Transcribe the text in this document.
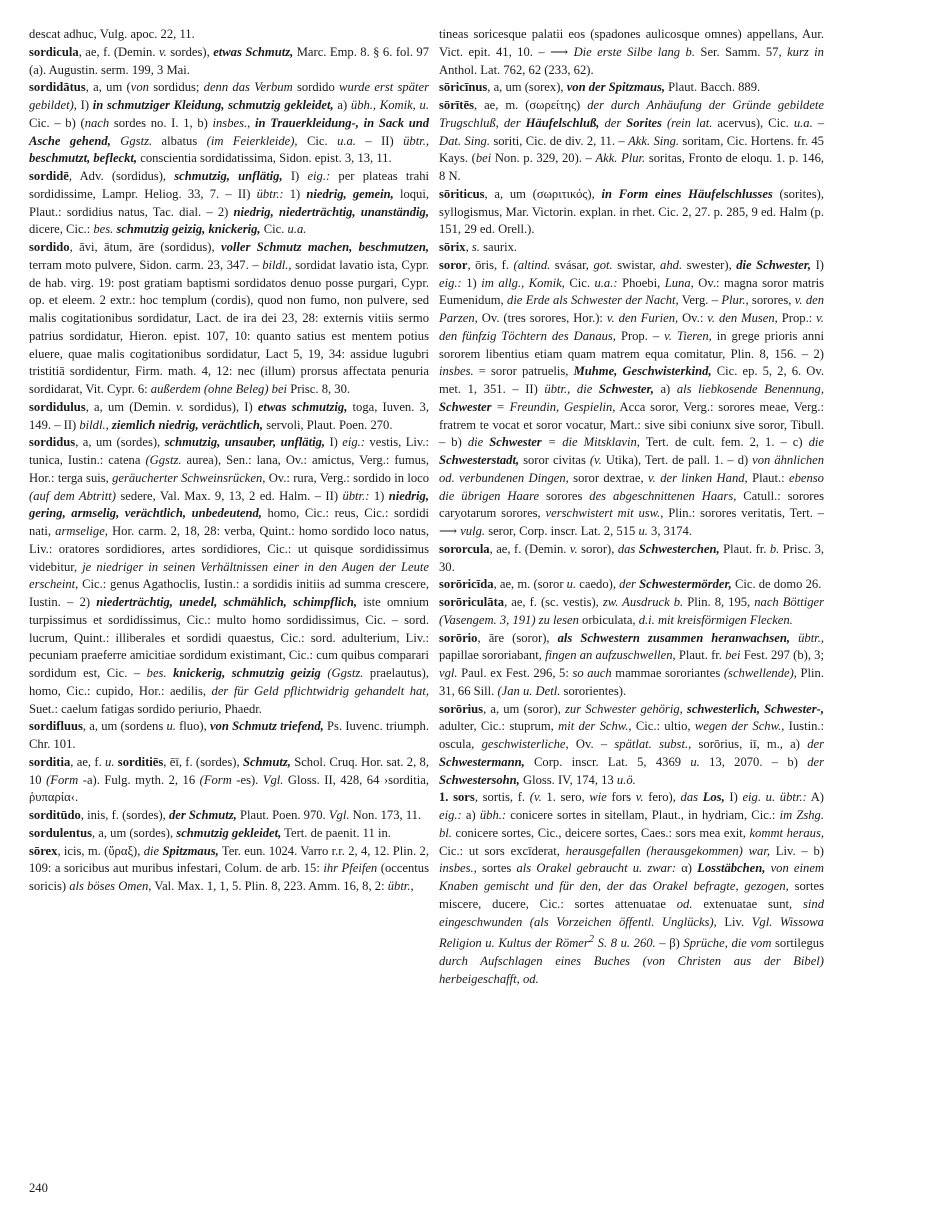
descat adhuc, Vulg. apoc. 22, 11.

sordicula, ae, f. (Demin. v. sordes), etwas Schmutz, Marc. Emp. 8. § 6. fol. 97 (a). Augustin. serm. 199, 3 Mai.

sordidātus, a, um (von sordidus; denn das Verbum sordido wurde erst später gebildet), I) in schmutziger Kleidung, schmutzig gekleidet, a) übh., Komik, u. Cic. – b) (nach sordes no. I. 1, b) insbes., in Trauerkleidung-, in Sack und Asche gehend, Ggstz. albatus (im Feierkleide), Cic. u.a. – II) übtr., beschmutzt, befleckt, conscientia sordidatissima, Sidon. epist. 3, 13, 11.

sordidē, Adv. (sordidus), schmutzig, unflätig, I) eig.: per plateas trahi sordidissime, Lampr. Heliog. 33, 7. – II) übtr.: 1) niedrig, gemein, loqui, Plaut.: sordidius natus, Tac. dial. – 2) niedrig, niederträchtig, unanständig, dicere, Cic.: bes. schmutzig geizig, knickerig, Cic. u.a.

sordido, āvi, ātum, āre (sordidus), voller Schmutz machen, beschmutzen, terram moto pulvere, Sidon. carm. 23, 347. – bildl., sordidat lavatio ista, Cypr. de hab. virg. 19: post gratiam baptismi sordidatos denuo posse purgari, Cypr. op. et eleem. 2 extr.: hoc templum (cordis), quod non fumo, non pulvere, sed malis cogitationibus sordidatur, Lact. de ira dei 23, 28: externis vitiis sermo patrius sordidatur, Hieron. epist. 107, 10: quanto satius est mentem potius eluere, quae malis cogitationibus sordidatur, Lact 5, 19, 34: assidue lugubri tristitiā sordidentur, Firm. math. 4, 12: nec (illum) prorsus affectata penuria sordidarat, Vit. Cypr. 6: außerdem (ohne Beleg) bei Prisc. 8, 30.

sordidulus, a, um (Demin. v. sordidus), I) etwas schmutzig, toga, Iuven. 3, 149. – II) bildl., ziemlich niedrig, verächtlich, servoli, Plaut. Poen. 270.

sordidus, a, um (sordes), schmutzig, unsauber, unflätig, I) eig.: vestis, Liv.: tunica, Iustin.: catena (Ggstz. aurea), Sen.: lana, Ov.: amictus, Verg.: fumus, Hor.: terga suis, geräucherter Schweinsrücken, Ov.: rura, Verg.: sordido in loco (auf dem Abtritt) sedere, Val. Max. 9, 13, 2 ed. Halm. – II) übtr.: 1) niedrig, gering, armselig, verächtlich, unbedeutend, homo, Cic.: reus, Cic.: sordidi nati, armselige, Hor. carm. 2, 18, 28: verba, Quint.: homo sordido loco natus, Liv.: oratores sordidiores, artes sordidiores, Cic.: ut quisque sordidissimus videbitur, je niedriger in seinen Verhältnissen einer in den Augen der Leute erscheint, Cic.: genus Agathoclis, Iustin.: a sordidis initiis ad summa crescere, Iustin. – 2) niederträchtig, unedel, schmählich, schimpflich, iste omnium turpissimus et sordidissimus, Cic.: multo homo sordidissimus, Cic. – sord. lucrum, Quint.: illiberales et sordidi quaestus, Cic.: sord. adulterium, Liv.: pecuniam praeferre amicitiae sordidum existimant, Cic.: cum quibus comparari sordidum est, Cic. – bes. knickerig, schmutzig geizig (Ggstz. praelautus), homo, Cic.: cupido, Hor.: aedilis, der für Geld pflichtwidrig gehandelt hat, Suet.: caelum fatigas sordido periurio, Phaedr.

sordifluus, a, um (sordens u. fluo), von Schmutz triefend, Ps. Iuvenc. triumph. Chr. 101.

sorditia, ae, f. u. sorditiēs, ēī, f. (sordes), Schmutz, Schol. Cruq. Hor. sat. 2, 8, 10 (Form -a). Fulg. myth. 2, 16 (Form -es). Vgl. Gloss. II, 428, 64 ›sorditia, ῥυπαρία‹.

sorditūdo, inis, f. (sordes), der Schmutz, Plaut. Poen. 970. Vgl. Non. 173, 11.

sordulentus, a, um (sordes), schmutzig gekleidet, Tert. de paenit. 11 in.

sōrex, icis, m. (ὕραξ), die Spitzmaus, Ter. eun. 1024. Varro r.r. 2, 4, 12. Plin. 2, 109: a soricibus aut muribus infestari, Colum. de arb. 15: ihr Pfeifen (occentus soricis) als böses Omen, Val. Max. 1, 1, 5. Plin. 8, 223. Amm. 16, 8, 2: übtr.,

tineas soricesque palatii eos (spadones aulicosque omnes) appellans, Aur. Vict. epit. 41, 10. – ⟶ Die erste Silbe lang b. Ser. Samm. 57, kurz in Anthol. Lat. 762, 62 (233, 62).

sōricīnus, a, um (sorex), von der Spitzmaus, Plaut. Bacch. 889.

sōrītēs, ae, m. (σωρείτης) der durch Anhäufung der Gründe gebildete Trugschluß, der Häufelschluß, der Sorites (rein lat. acervus), Cic. u.a. – Dat. Sing. soriti, Cic. de div. 2, 11. – Akk. Sing. soritam, Cic. Hortens. fr. 45 Kays. (bei Non. p. 329, 20). – Akk. Plur. soritas, Fronto de eloqu. 1. p. 146, 8 N.

sōriticus, a, um (σωριτικός), in Form eines Häufelschlusses (sorites), syllogismus, Mar. Victorin. explan. in rhet. Cic. 2, 27. p. 285, 9 ed. Halm (p. 151, 29 ed. Orell.).

sōrix, s. saurix.

soror, ōris, f. (altind. svásar, got. swistar, ahd. swester), die Schwester, I) eig.: 1) im allg., Komik, Cic. u.a.: Phoebi, Luna, Ov.: magna soror matris Eumenidum, die Erde als Schwester der Nacht, Verg. – Plur., sorores, v. den Parzen, Ov. (tres sorores, Hor.): v. den Furien, Ov.: v. den Musen, Prop.: v. den fünfzig Töchtern des Danaus, Prop. – v. Tieren, in grege prioris anni sororem libentius etiam quam matrem equa comitatur, Plin. 8, 156. – 2) insbes. = soror patruelis, Muhme, Geschwisterkind, Cic. ep. 5, 2, 6. Ov. met. 1, 351. – II) übtr., die Schwester, a) als liebkosende Benennung, Schwester = Freundin, Gespielin, Acca soror, Verg.: sorores meae, Verg.: fratrem te vocat et soror vocatur, Mart.: sive sibi coniunx sive soror, Tibull. – b) die Schwester = die Mitsklavin, Tert. de cult. fem. 2, 1. – c) die Schwesterstadt, soror civitas (v. Utika), Tert. de pall. 1. – d) von ähnlichen od. verbundenen Dingen, soror dextrae, v. der linken Hand, Plaut.: ebenso die übrigen Haare sorores des abgeschnittenen Haars, Catull.: sorores caryotarum sorores, verschwistert mit usw., Plin.: sorores veritatis, Tert. – ⟶ vulg. seror, Corp. inscr. Lat. 2, 515 u. 3, 3174.

sororcula, ae, f. (Demin. v. soror), das Schwesterchen, Plaut. fr. b. Prisc. 3, 30.

sorōricīda, ae, m. (soror u. caedo), der Schwestermörder, Cic. de domo 26.

sorōriculāta, ae, f. (sc. vestis), zw. Ausdruck b. Plin. 8, 195, nach Böttiger (Vasengem. 3, 191) zu lesen orbiculata, d.i. mit kreisförmigen Flecken.

sorōrio, āre (soror), als Schwestern zusammen heranwachsen, übtr., papillae sororiabant, fingen an aufzuschwellen, Plaut. fr. bei Fest. 297 (b), 3; vgl. Paul. ex Fest. 296, 5: so auch mammae sororiantes (schwellende), Plin. 31, 66 Sill. (Jan u. Detl. sororientes).

sorōrius, a, um (soror), zur Schwester gehörig, schwesterlich, Schwester-, adulter, Cic.: stuprum, mit der Schw., Cic.: ultio, wegen der Schw., Iustin.: oscula, geschwisterliche, Ov. – spätlat. subst., sorōrius, iī, m., a) der Schwestermann, Corp. inscr. Lat. 5, 4369 u. 13, 2070. – b) der Schwestersohn, Gloss. IV, 174, 13 u.ö.

1. sors, sortis, f. (v. 1. sero, wie fors v. fero), das Los, I) eig. u. übtr.: A) eig.: a) übh.: conicere sortes in sitellam, Plaut., in hydriam, Cic.: im Zshg. bl. conicere sortes, Cic., deicere sortes, Caes.: sors mea exit, kommt heraus, Cic.: ut sors excīderat, herausgefallen (herausgekommen) war, Liv. – b) insbes., sortes als Orakel gebraucht u. zwar: α) Losstäbchen, von einem Knaben gemischt und für den, der das Orakel befragte, gezogen, sortes miscere, ducere, Cic.: sortes attenuatae od. extenuatae sunt, sind eingeschwunden (als Vorzeichen öffentl. Unglücks), Liv. Vgl. Wissowa Religion u. Kultus der Römer$^2$ S. 8 u. 260. – β) Sprüche, die vom sortilegus durch Aufschlagen eines Buches (von Christen aus der Bibel) herbeigeschafft, od.

240
